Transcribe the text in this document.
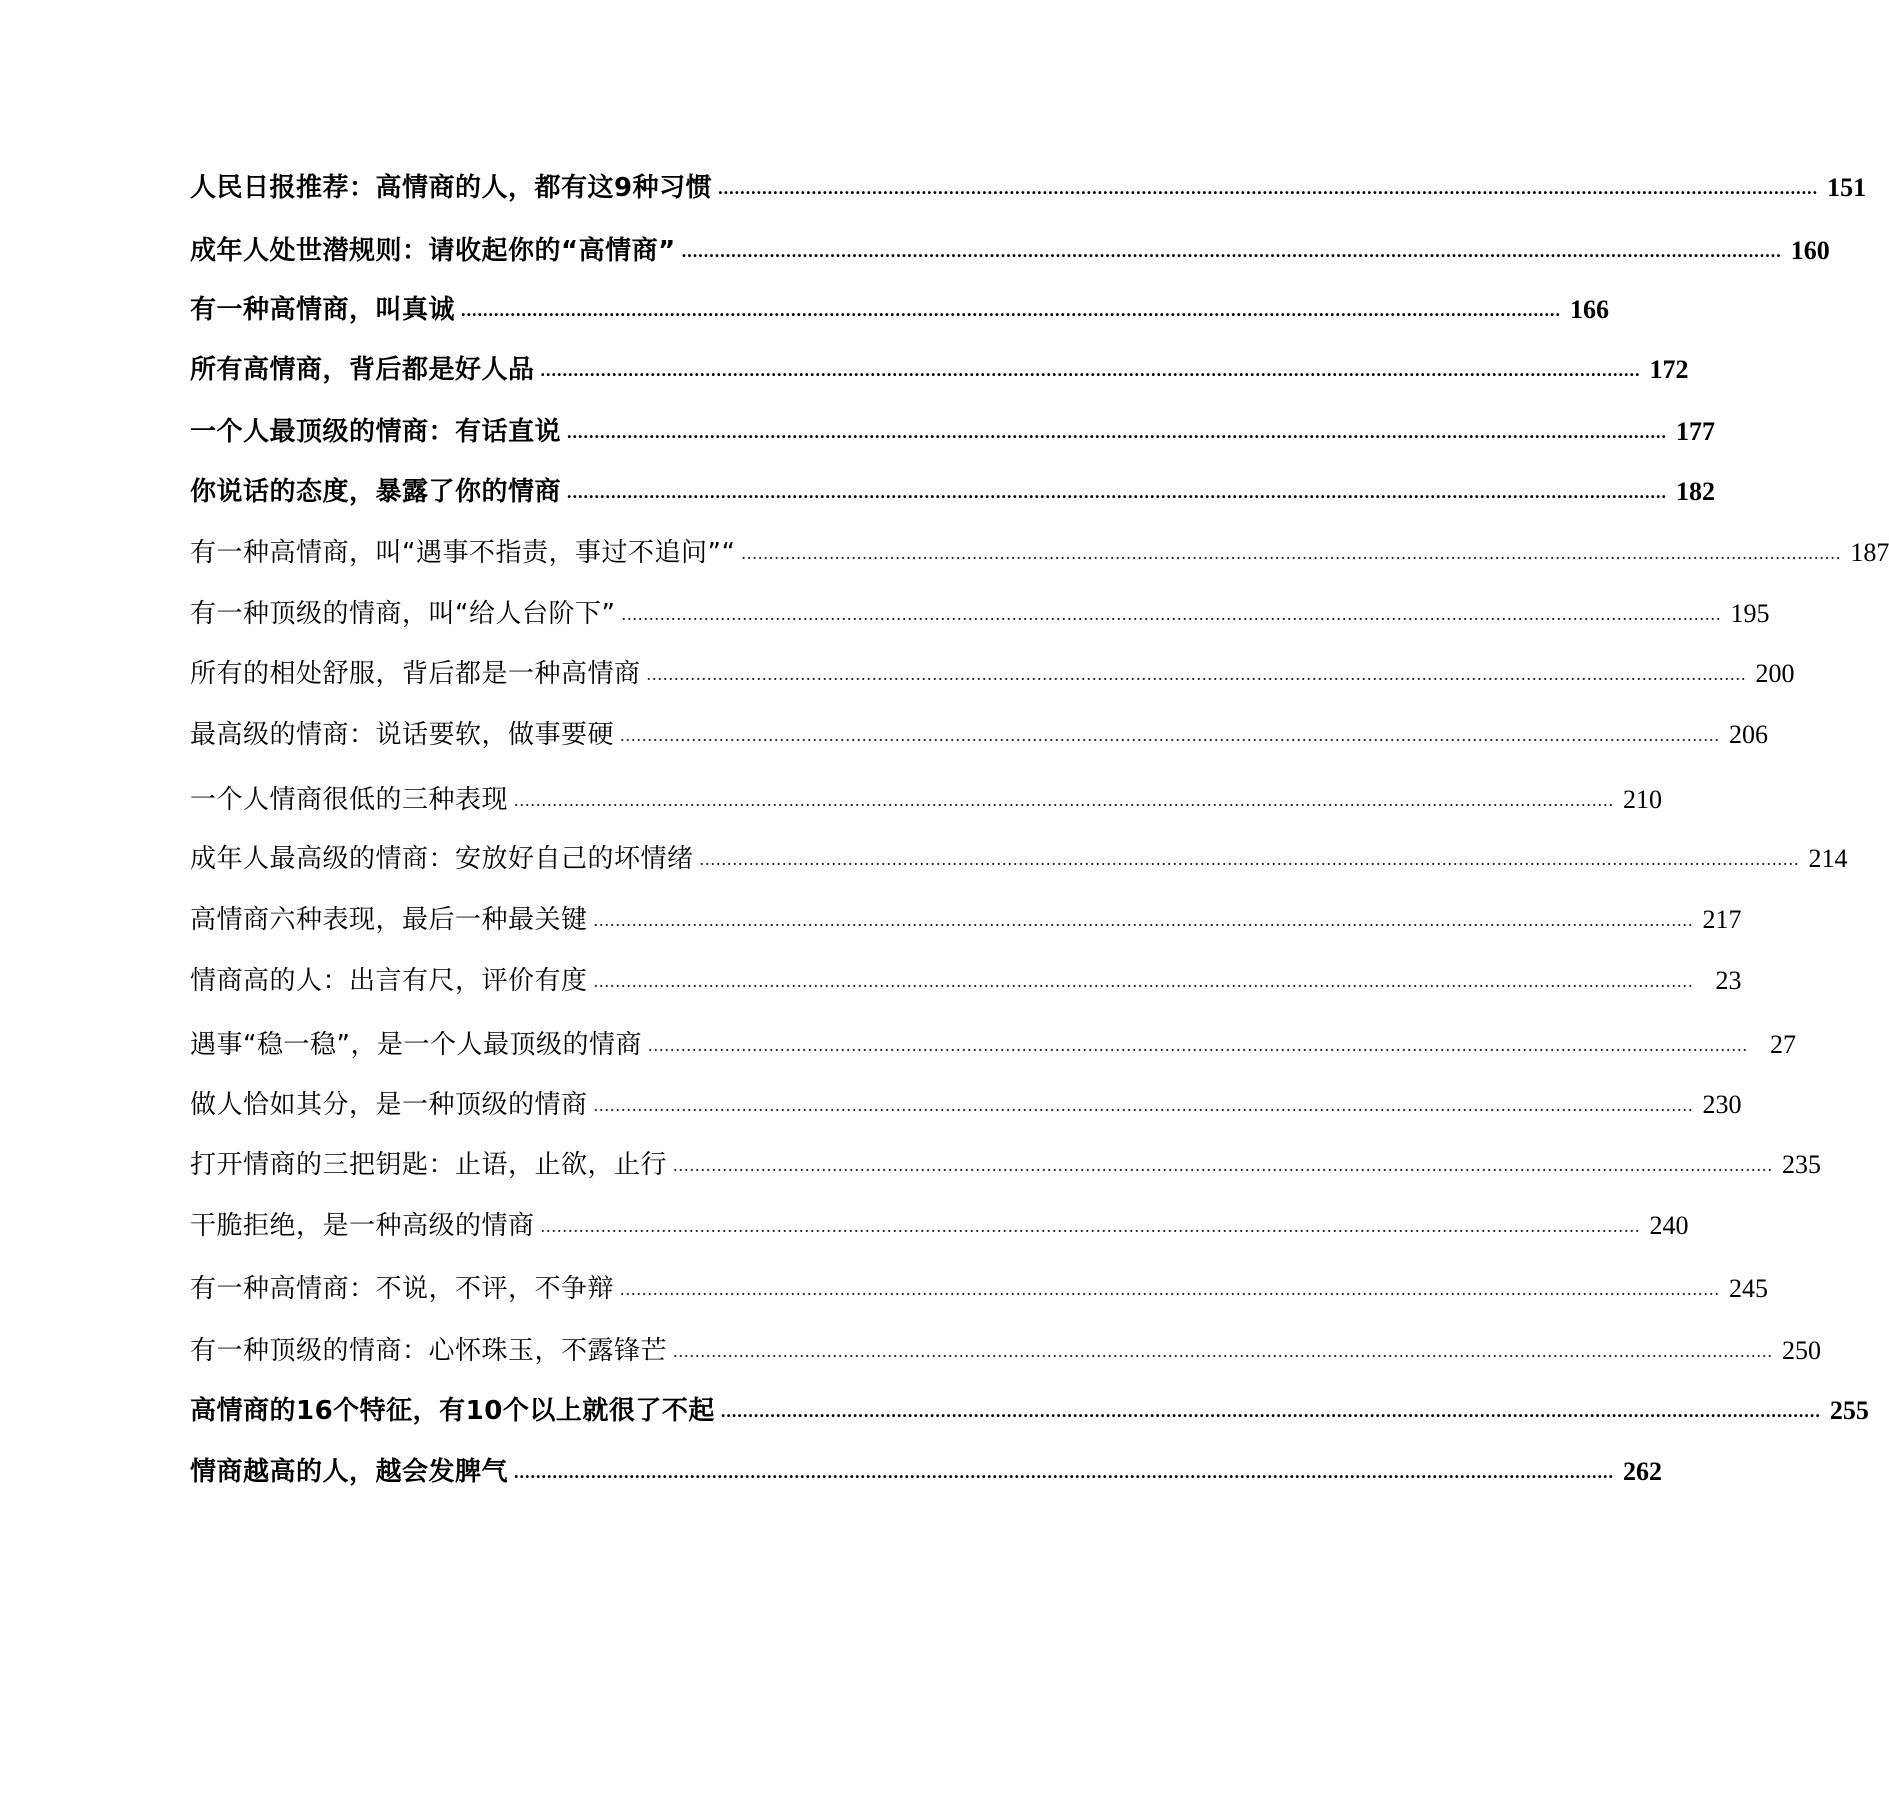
人民日报推荐：高情商的人，都有这9种习惯 ........................................................................................................................................................................................................ 151
成年人处世潜规则：请收起你的“高情商” ........................................................................................................................................................................................................ 160
有一种高情商，叫真诚 ........................................................................................................................................................................................................ 166
所有高情商，背后都是好人品 ........................................................................................................................................................................................................ 172
一个人最顶级的情商：有话直说 ........................................................................................................................................................................................................ 177
你说话的态度，暴露了你的情商 ........................................................................................................................................................................................................ 182
有一种高情商，叫“遇事不指责，事过不追问”“ ........................................................................................................................................................................................................ 187
有一种顶级的情商，叫“给人台阶下” ........................................................................................................................................................................................................ 195
所有的相处舒服，背后都是一种高情商 ........................................................................................................................................................................................................ 200
最高级的情商：说话要软，做事要硬 ........................................................................................................................................................................................................ 206
一个人情商很低的三种表现 ........................................................................................................................................................................................................ 210
成年人最高级的情商：安放好自己的坏情绪 ........................................................................................................................................................................................................ 214
高情商六种表现，最后一种最关键 ........................................................................................................................................................................................................ 217
情商高的人：出言有尺，评价有度 ........................................................................................................................................................................................................ 23
遇事“稳一稳”，是一个人最顶级的情商 ........................................................................................................................................................................................................ 27
做人恰如其分，是一种顶级的情商 ........................................................................................................................................................................................................ 230
打开情商的三把钥匙：止语，止欲，止行 ........................................................................................................................................................................................................ 235
干脆拒绝，是一种高级的情商 ........................................................................................................................................................................................................ 240
有一种高情商：不说，不评，不争辩 ........................................................................................................................................................................................................ 245
有一种顶级的情商：心怀珠玉，不露锋芒 ........................................................................................................................................................................................................ 250
高情商的16个特征，有10个以上就很了不起 ........................................................................................................................................................................................................ 255
情商越高的人，越会发脾气 ........................................................................................................................................................................................................ 262
